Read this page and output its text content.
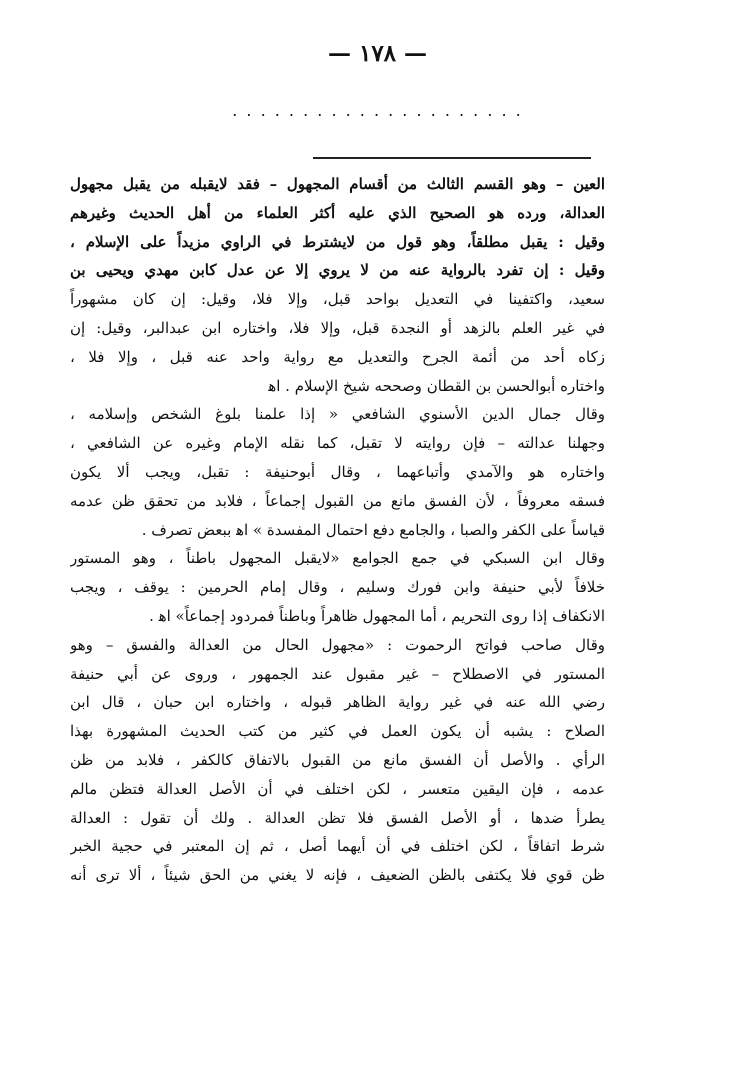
— ١٧٨ —
. . . . . . . . . . . . . . . . . . . . .
العين – وهو القسم الثالث من أقسام المجهول – فقد لايقبله من يقبل مجهول
العدالة، ورده هو الصحيح الذي عليه أكثر العلماء من أهل الحديث وغيرهم
وقيل : يقبل مطلقاً، وهو قول من لايشترط في الراوي مزيداً على الإسلام ،
وقيل : إن تفرد بالرواية عنه من لا يروي إلا عن عدل كابن مهدي ويحيى بن
سعيد، واكتفينا في التعديل بواحد قبل، وإلا فلا، وقيل: إن كان مشهوراً
في غير العلم بالزهد أو النجدة قبل، وإلا فلا، واختاره ابن عبدالبر، وقيل: إن
زكاه أحد من أئمة الجرح والتعديل مع رواية واحد عنه قبل ، وإلا فلا ،
واختاره أبوالحسن بن القطان وصححه شيخ الإسلام . اﻫ
وقال جمال الدين الأسنوي الشافعي « إذا علمنا بلوغ الشخص وإسلامه ،
وجهلنا عدالته – فإن روايته لا تقبل، كما نقله الإمام وغيره عن الشافعي ،
واختاره هو والآمدي وأتباعهما ، وقال أبوحنيفة : تقبل، ويجب ألا يكون
فسقه معروفاً ، لأن الفسق مانع من القبول إجماعاً ، فلابد من تحقق ظن عدمه
قياساً على الكفر والصبا ، والجامع دفع احتمال المفسدة » اﻫ ببعض تصرف .
وقال ابن السبكي في جمع الجوامع «لايقبل المجهول باطناً ، وهو المستور
خلافاً لأبي حنيفة وابن فورك وسليم ، وقال إمام الحرمين : يوقف ، ويجب
الانكفاف إذا روى التحريم ، أما المجهول ظاهراً وباطناً فمردود إجماعاً» اﻫ .
وقال صاحب فواتح الرحموت : «مجهول الحال من العدالة والفسق – وهو
المستور في الاصطلاح – غير مقبول عند الجمهور ، وروى عن أبي حنيفة
رضي الله عنه في غير رواية الظاهر قبوله ، واختاره ابن حبان ، قال ابن
الصلاح : يشبه أن يكون العمل في كثير من كتب الحديث المشهورة بهذا
الرأي . والأصل أن الفسق مانع من القبول بالاتفاق كالكفر ، فلابد من ظن
عدمه ، فإن اليقين متعسر ، لكن اختلف في أن الأصل العدالة فتظن مالم
يطرأ ضدها ، أو الأصل الفسق فلا تظن العدالة . ولك أن تقول : العدالة
شرط اتفاقاً ، لكن اختلف في أن أيهما أصل ، ثم إن المعتبر في حجية الخبر
ظن قوي فلا يكتفى بالظن الضعيف ، فإنه لا يغني من الحق شيئاً ، ألا ترى أنه
